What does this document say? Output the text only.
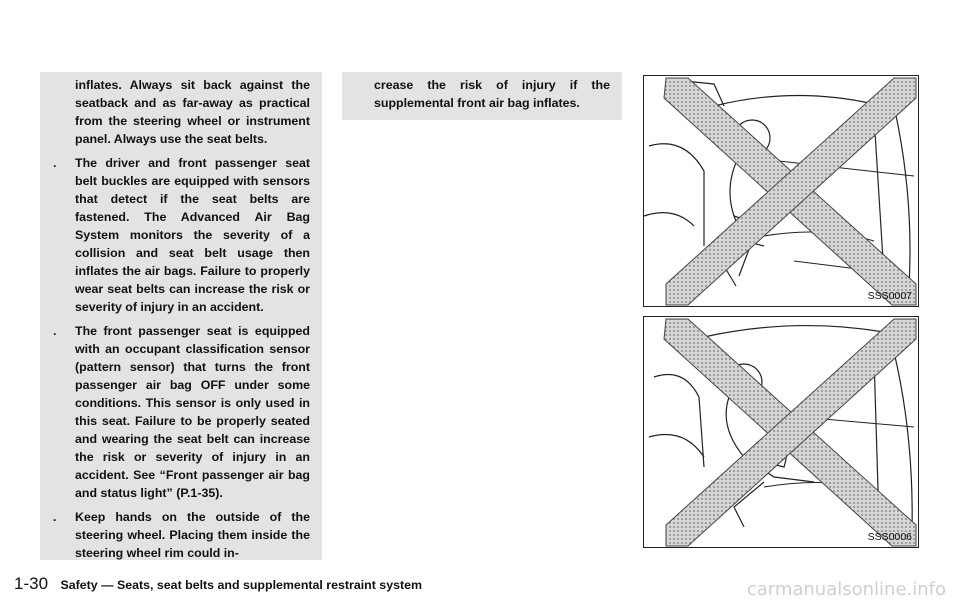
inflates. Always sit back against the seatback and as far-away as practical from the steering wheel or instrument panel. Always use the seat belts.

. The driver and front passenger seat belt buckles are equipped with sensors that detect if the seat belts are fastened. The Advanced Air Bag System monitors the severity of a collision and seat belt usage then inflates the air bags. Failure to properly wear seat belts can increase the risk or severity of injury in an accident.

. The front passenger seat is equipped with an occupant classification sensor (pattern sensor) that turns the front passenger air bag OFF under some conditions. This sensor is only used in this seat. Failure to be properly seated and wearing the seat belt can increase the risk or severity of injury in an accident. See “Front passenger air bag and status light” (P.1-35).

. Keep hands on the outside of the steering wheel. Placing them inside the steering wheel rim could in-

crease the risk of injury if the supplemental front air bag inflates.

SSS0007
SSS0006
1-30 Safety — Seats, seat belts and supplemental restraint system	carmanualsonline.info
